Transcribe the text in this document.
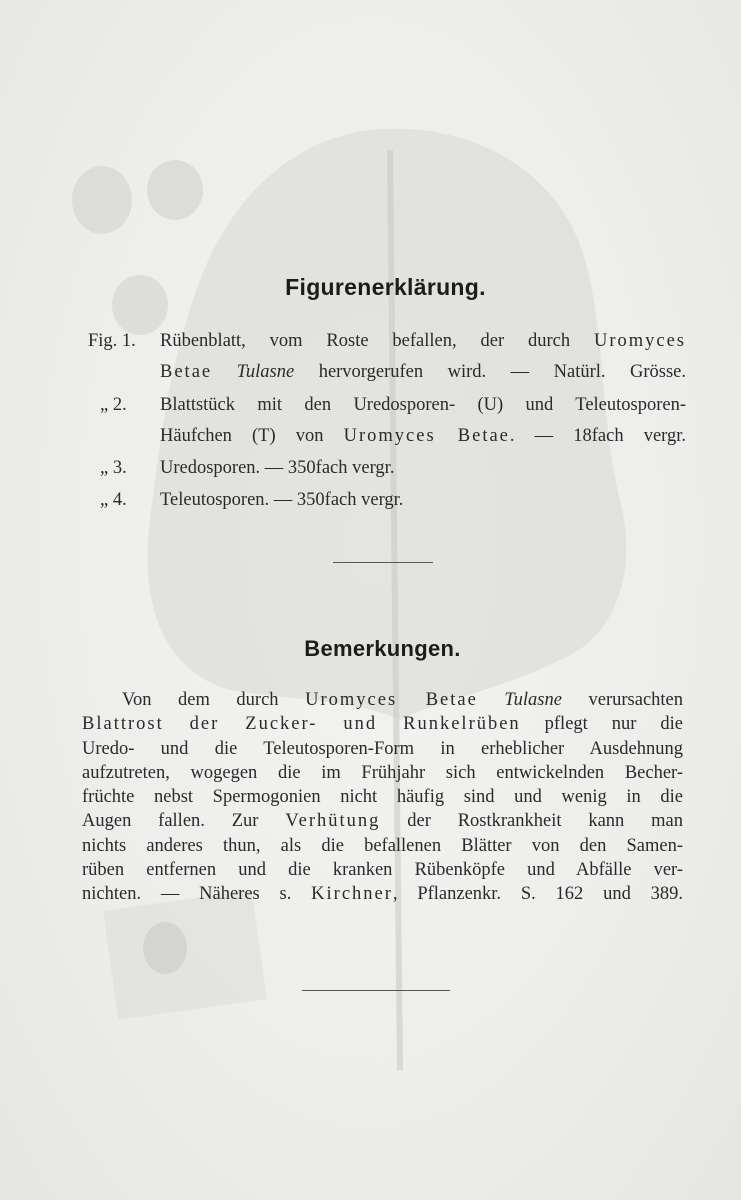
Figurenerklärung.
Fig. 1. Rübenblatt, vom Roste befallen, der durch Uromyces
Betae Tulasne hervorgerufen wird. — Natürl. Grösse.
„ 2. Blattstück mit den Uredosporen- (U) und Teleutosporen-
Häufchen (T) von Uromyces Betae. — 18fach vergr.
„ 3. Uredosporen. — 350fach vergr.
„ 4. Teleutosporen. — 350fach vergr.
Bemerkungen.
Von dem durch Uromyces Betae Tulasne verursachten
Blattrost der Zucker- und Runkelrüben pflegt nur die
Uredo- und die Teleutosporen-Form in erheblicher Ausdehnung
aufzutreten, wogegen die im Frühjahr sich entwickelnden Becher-
früchte nebst Spermogonien nicht häufig sind und wenig in die
Augen fallen. Zur Verhütung der Rostkrankheit kann man
nichts anderes thun, als die befallenen Blätter von den Samen-
rüben entfernen und die kranken Rübenköpfe und Abfälle ver-
nichten. — Näheres s. Kirchner, Pflanzenkr. S. 162 und 389.
